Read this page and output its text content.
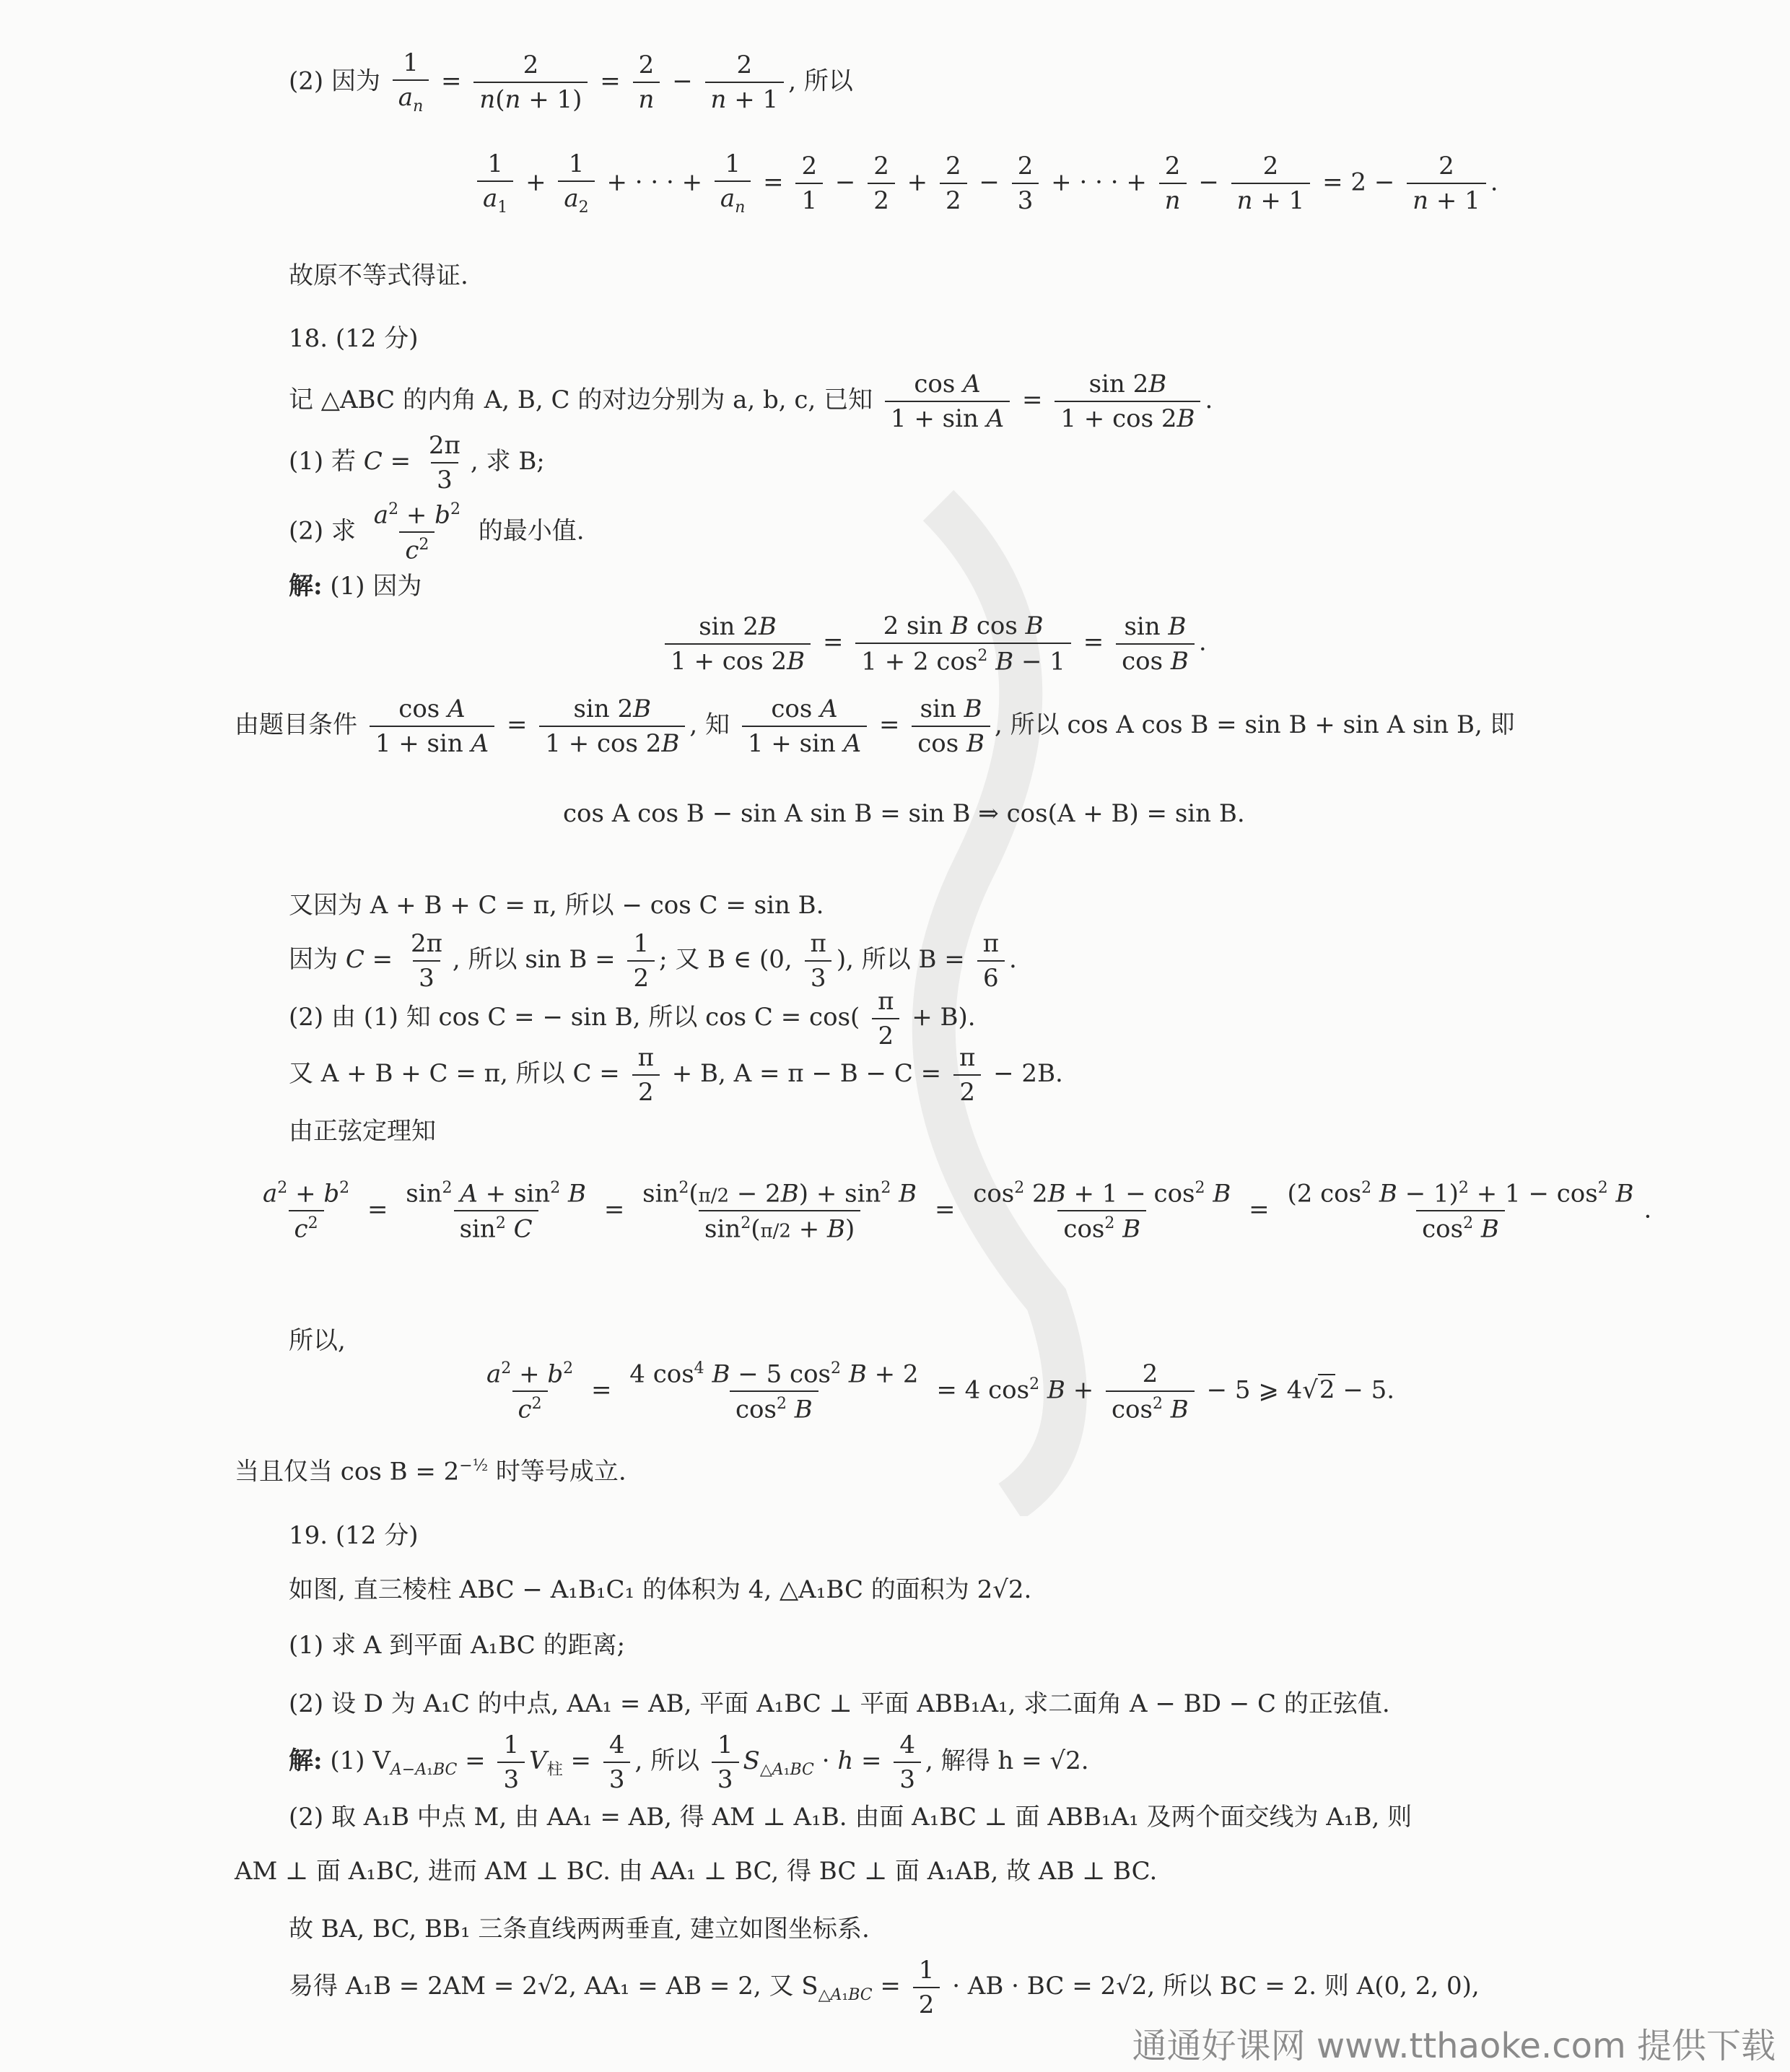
(2) 因为 $\frac{1}{a_n} = \frac{2}{n(n + 1)} = \frac{2}{n} - \frac{2}{n + 1}$ , 所以
$\frac{1}{a_1} + \frac{1}{a_2}$ + · · · + $\frac{1}{a_n} = \frac{2}{1} - \frac{2}{2} + \frac{2}{2} - \frac{2}{3}$ + · · · + $\frac{2}{n} - \frac{2}{n + 1} = 2 - \frac{2}{n + 1}$ .
故原不等式得证.
18. (12 分)
记 △ABC 的内角 A, B, C 的对边分别为 a, b, c, 已知 $\frac{\text{cos A}}{\text{1 + sin A}} = \frac{\sin 2B}{1 + \cos 2B}$ .
(1) 若 $C = \frac{2\pi}{3}$ , 求 B;
(2) 求 $\frac{a^2 + b^2}{c^2}$ 的最小值.
解: (1) 因为
$\frac{\sin 2B}{1 + \cos 2B} = \frac{\text{2 sin B cos B}}{1 + 2 \cos^2 B - 1} = \frac{\text{sin B}}{\text{cos B}}$ .
由题目条件 $\frac{\text{cos A}}{\text{1 + sin A}} = \frac{\sin 2B}{1 + \cos 2B}$ , 知 $\frac{\text{cos A}}{\text{1 + sin A}} = \frac{\text{sin B}}{\text{cos B}}$ , 所以 cos A cos B = sin B + sin A sin B, 即
cos A cos B − sin A sin B = sin B ⇒ cos(A + B) = sin B.
又因为 A + B + C = π, 所以 − cos C = sin B.
因为 $C = \frac{2\pi}{3}$ , 所以 $\sin B = \frac{1}{2}$ ; 又 B ∈ (0, $\frac{\pi}{3}$ ), 所以 $B = \frac{\pi}{6}$ .
(2) 由 (1) 知 cos C = − sin B, 所以 $\cos C = \cos( \frac{\pi}{2} + B)$.
又 A + B + C = π, 所以 $C = \frac{\pi}{2} + B$, $A = \pi - B - C = \frac{\pi}{2} - 2B$.
由正弦定理知
$\frac{a^2 + b^2}{c^2} = \frac{\sin^2 A + \sin^2 B}{\sin^2 C} = \frac{\sin^2(\pi/2 - 2B) + \sin^2 B}{\sin^2(\pi/2 + B)} = \frac{\cos^2 2B + 1 - \cos^2 B}{\cos^2 B} = \frac{(2 \cos^2 B - 1)^2 + 1 - \cos^2 B}{\cos^2 B}$ .
所以,
$\frac{a^2 + b^2}{c^2} = \frac{4 \cos^4 B - 5 \cos^2 B + 2}{\cos^2 B} = 4$ $\cos^2 B + \frac{2}{\cos^2 B} - 5$ ⩾ 4√2 − 5.
当且仅当 $\cos B = 2^{-\frac{1}{2}}$ 时等号成立.
19. (12 分)
如图, 直三棱柱 ABC − A₁B₁C₁ 的体积为 4, △A₁BC 的面积为 2√2.
(1) 求 A 到平面 A₁BC 的距离;
(2) 设 D 为 A₁C 的中点, AA₁ = AB, 平面 A₁BC ⊥ 平面 ABB₁A₁, 求二面角 A − BD − C 的正弦值.
解: (1) $V_{A-A_1BC} = \frac{1}{3} V_柱 = \frac{4}{3}$ , 所以 $\frac{1}{3} S_{\triangle A_1BC} \cdot h = \frac{4}{3}$ , 解得 h = √2.
(2) 取 A₁B 中点 M, 由 AA₁ = AB, 得 AM ⊥ A₁B. 由面 A₁BC ⊥ 面 ABB₁A₁ 及两个面交线为 A₁B, 则
AM ⊥ 面 A₁BC, 进而 AM ⊥ BC. 由 AA₁ ⊥ BC, 得 BC ⊥ 面 A₁AB, 故 AB ⊥ BC.
故 BA, BC, BB₁ 三条直线两两垂直, 建立如图坐标系.
易得 A₁B = 2AM = 2√2, AA₁ = AB = 2, 又 $S_{\triangle A_1BC} = \frac{1}{2}$ · AB · BC = 2√2, 所以 BC = 2. 则 A(0, 2, 0),
通通好课网 www.tthaoke.com 提供下载
